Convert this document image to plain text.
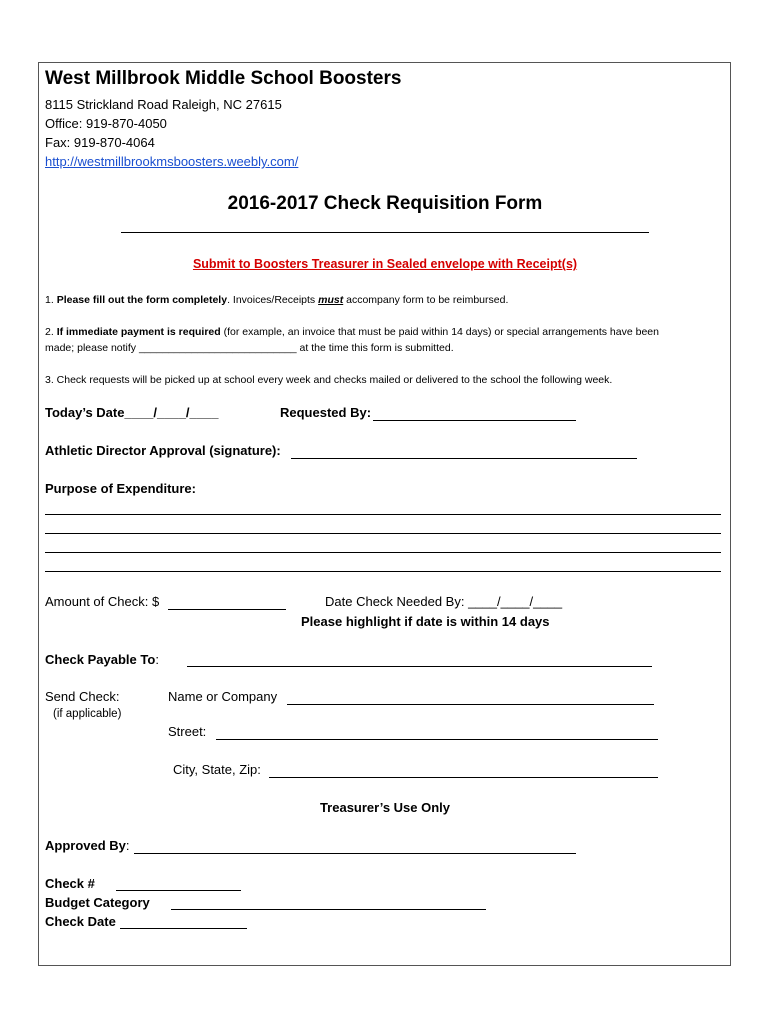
West Millbrook Middle School Boosters
8115 Strickland Road Raleigh, NC 27615
Office: 919-870-4050
Fax: 919-870-4064
http://westmillbrookmsboosters.weebly.com/
2016-2017 Check Requisition Form
Submit to Boosters Treasurer in Sealed envelope with Receipt(s)
1. Please fill out the form completely. Invoices/Receipts must accompany form to be reimbursed.
2. If immediate payment is required (for example, an invoice that must be paid within 14 days) or special arrangements have been
made; please notify ___________________________ at the time this form is submitted.
3. Check requests will be picked up at school every week and checks mailed or delivered to the school the following week.
Today’s Date____/____/____	Requested By:
Athletic Director Approval (signature):
Purpose of Expenditure:
Amount of Check: $	Date Check Needed By: ____/____/____
Please highlight if date is within 14 days
Check Payable To:
Send Check:
(if applicable)
Name or Company
Street:
City, State, Zip:
Treasurer’s Use Only
Approved By:
Check #
Budget Category
Check Date
